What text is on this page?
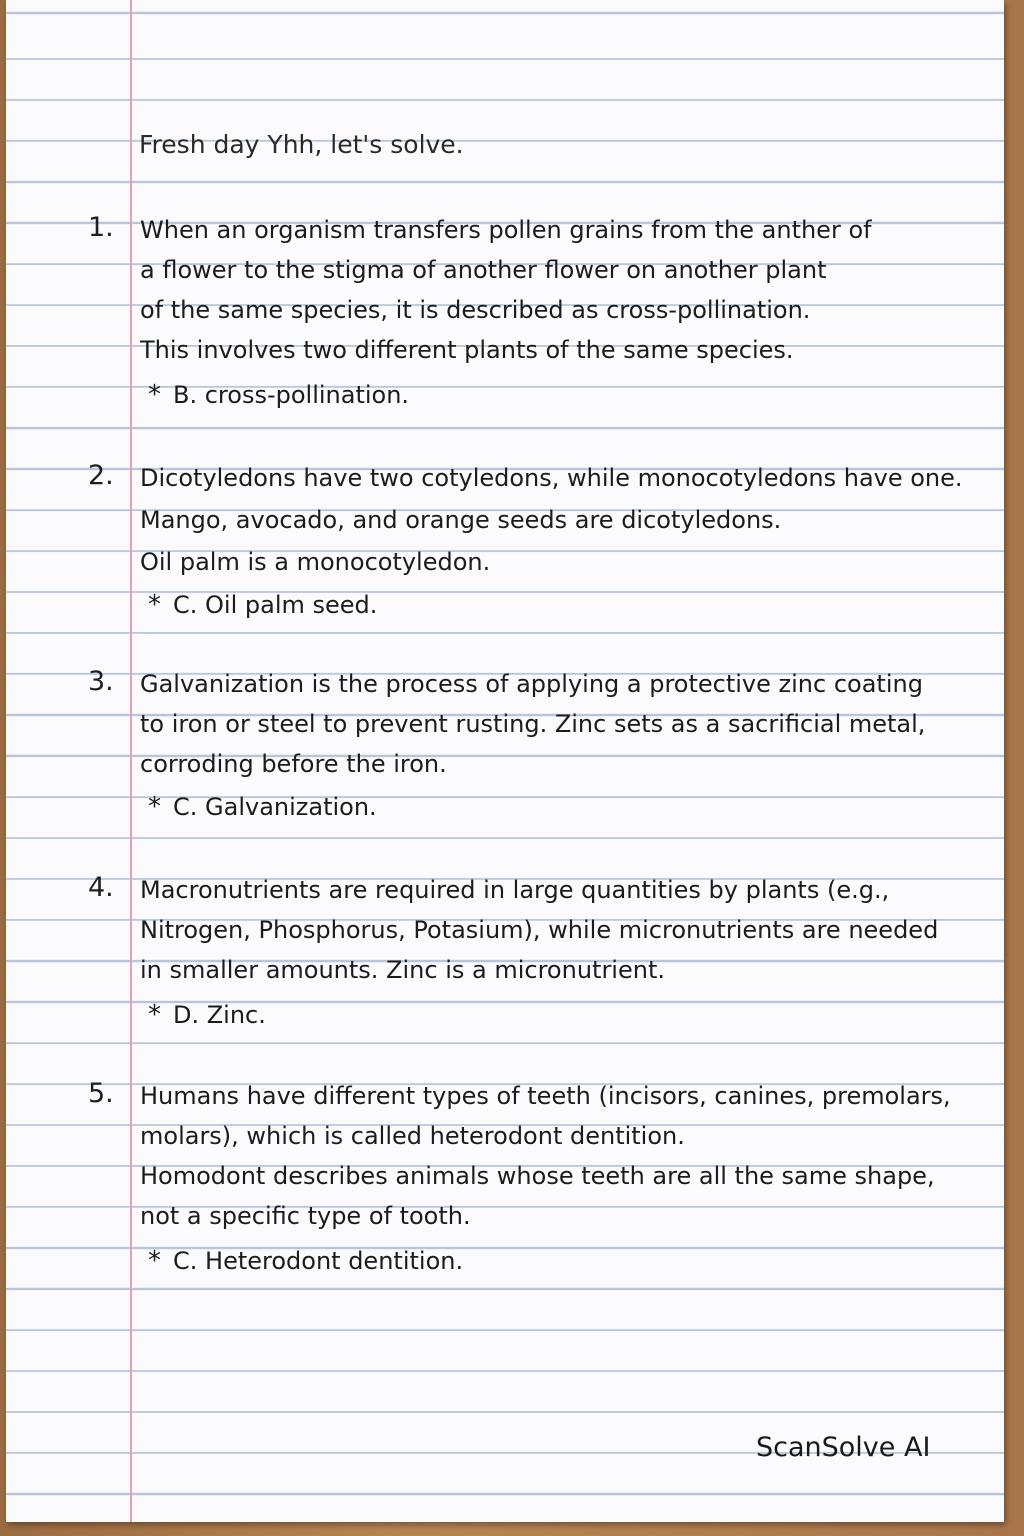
Fresh day Yhh, let's solve.
1. When an organism transfers pollen grains from the anther of
a flower to the stigma of another flower on another plant
of the same species, it is described as cross-pollination.
This involves two different plants of the same species.
* B. cross-pollination.
2. Dicotyledons have two cotyledons, while monocotyledons have one.
Mango, avocado, and orange seeds are dicotyledons.
Oil palm is a monocotyledon.
* C. Oil palm seed.
3. Galvanization is the process of applying a protective zinc coating
to iron or steel to prevent rusting. Zinc sets as a sacrificial metal,
corroding before the iron.
* C. Galvanization.
4. Macronutrients are required in large quantities by plants (e.g.,
Nitrogen, Phosphorus, Potasium), while micronutrients are needed
in smaller amounts. Zinc is a micronutrient.
* D. Zinc.
5. Humans have different types of teeth (incisors, canines, premolars,
molars), which is called heterodont dentition.
Homodont describes animals whose teeth are all the same shape,
not a specific type of tooth.
* C. Heterodont dentition.
ScanSolve AI
